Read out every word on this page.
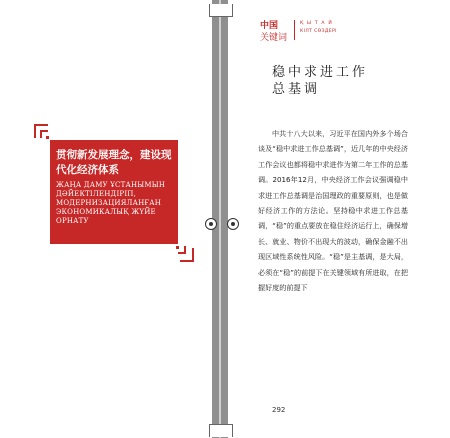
贯彻新发展理念，建设现代化经济体系

ЖАҢА ДАМУ ҰСТАНЫМЫН ДӘЙЕКТІЛЕНДІРІП, МОДЕРНИЗАЦИЯЛАНҒАН ЭКОНОМИКАЛЫҚ ЖҮЙЕ ОРНАТУ

中国
关键词
Қ Ы Т А Й
КІЛТ СӨЗДЕРІ
稳中求进工作
总基调

中共十八大以来，习近平在国内外多个场合谈及“稳中求进工作总基调”，近几年的中央经济工作会议也都将稳中求进作为第二年工作的总基调。2016年12月，中央经济工作会议强调稳中求进工作总基调是治国理政的重要原则，也是做好经济工作的方法论。坚持稳中求进工作总基调，“稳”的重点要放在稳住经济运行上，确保增长、就业、物价不出现大的波动，确保金融不出现区域性系统性风险。“稳”是主基调，是大局，必须在“稳”的前提下在关键领域有所进取，在把握好度的前提下

292
